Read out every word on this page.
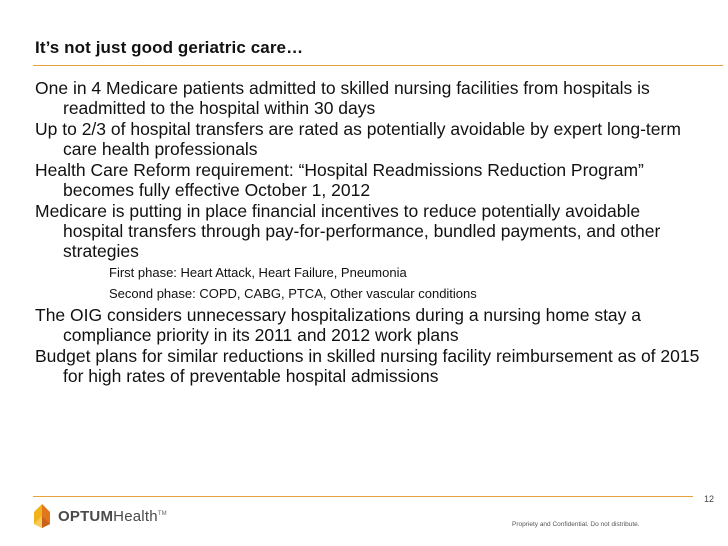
It’s not just good geriatric care…
One in 4 Medicare patients admitted to skilled nursing facilities from hospitals is readmitted to the hospital within 30 days
Up to 2/3 of hospital transfers are rated as potentially avoidable by expert long-term care health professionals
Health Care Reform requirement: “Hospital Readmissions Reduction Program” becomes fully effective October 1, 2012
Medicare is putting in place financial incentives to reduce potentially avoidable hospital transfers through pay-for-performance, bundled payments, and other strategies
First phase: Heart Attack, Heart Failure, Pneumonia
Second phase: COPD, CABG, PTCA, Other vascular conditions
The OIG considers unnecessary hospitalizations during a nursing home stay a compliance priority in its 2011 and 2012 work plans
Budget plans for similar reductions in skilled nursing facility reimbursement as of 2015 for high rates of preventable hospital admissions
12
OPTUMHealth™
Propriety and Confidential. Do not distribute.
